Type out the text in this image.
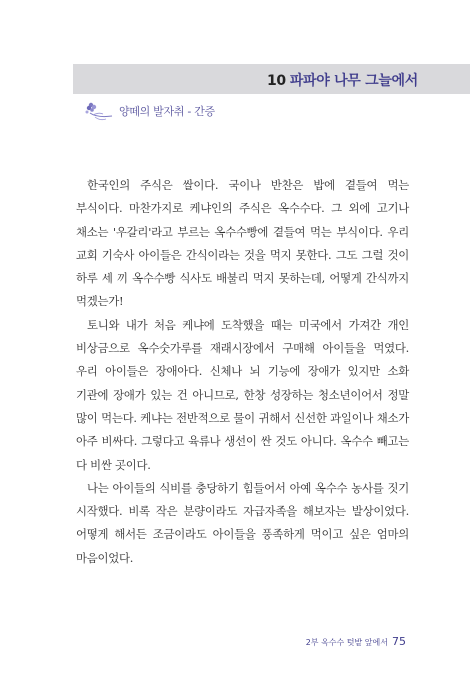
10 파파야 나무 그늘에서
양떼의 발자취 - 간증

한국인의 주식은 쌀이다. 국이나 반찬은 밥에 곁들여 먹는 부식이다. 마찬가지로 케냐인의 주식은 옥수수다. 그 외에 고기나 채소는 '우갈리'라고 부르는 옥수수빵에 곁들여 먹는 부식이다. 우리 교회 기숙사 아이들은 간식이라는 것을 먹지 못한다. 그도 그럴 것이 하루 세 끼 옥수수빵 식사도 배불리 먹지 못하는데, 어떻게 간식까지 먹겠는가!

토니와 내가 처음 케냐에 도착했을 때는 미국에서 가져간 개인 비상금으로 옥수숫가루를 재래시장에서 구매해 아이들을 먹였다. 우리 아이들은 장애아다. 신체나 뇌 기능에 장애가 있지만 소화 기관에 장애가 있는 건 아니므로, 한창 성장하는 청소년이어서 정말 많이 먹는다. 케냐는 전반적으로 물이 귀해서 신선한 과일이나 채소가 아주 비싸다. 그렇다고 육류나 생선이 싼 것도 아니다. 옥수수 빼고는 다 비싼 곳이다.

나는 아이들의 식비를 충당하기 힘들어서 아예 옥수수 농사를 짓기 시작했다. 비록 작은 분량이라도 자급자족을 해보자는 발상이었다. 어떻게 해서든 조금이라도 아이들을 풍족하게 먹이고 싶은 엄마의 마음이었다.

2부 옥수수 텃밭 앞에서 75
